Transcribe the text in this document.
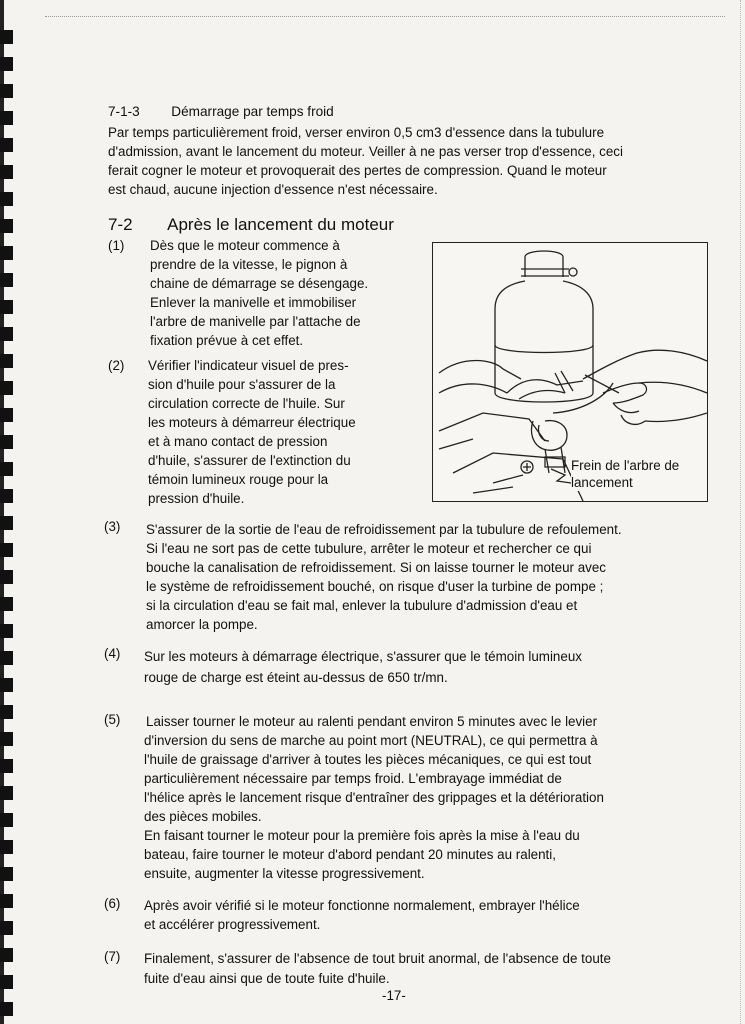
7-1-3 Démarrage par temps froid
Par temps particulièrement froid, verser environ 0,5 cm3 d'essence dans la tubulure
d'admission, avant le lancement du moteur. Veiller à ne pas verser trop d'essence, ceci
ferait cogner le moteur et provoquerait des pertes de compression. Quand le moteur
est chaud, aucune injection d'essence n'est nécessaire.
7-2 Après le lancement du moteur
(1) Dès que le moteur commence à
prendre de la vitesse, le pignon à
chaine de démarrage se désengage.
Enlever la manivelle et immobiliser
l'arbre de manivelle par l'attache de
fixation prévue à cet effet.
(2) Vérifier l'indicateur visuel de pres-
sion d'huile pour s'assurer de la
circulation correcte de l'huile. Sur
les moteurs à démarreur électrique
et à mano contact de pression
d'huile, s'assurer de l'extinction du
témoin lumineux rouge pour la
pression d'huile.
Frein de l'arbre de
lancement
(3) S'assurer de la sortie de l'eau de refroidissement par la tubulure de refoulement.
Si l'eau ne sort pas de cette tubulure, arrêter le moteur et rechercher ce qui
bouche la canalisation de refroidissement. Si on laisse tourner le moteur avec
le système de refroidissement bouché, on risque d'user la turbine de pompe ;
si la circulation d'eau se fait mal, enlever la tubulure d'admission d'eau et
amorcer la pompe.
(4) Sur les moteurs à démarrage électrique, s'assurer que le témoin lumineux
rouge de charge est éteint au-dessus de 650 tr/mn.
(5) Laisser tourner le moteur au ralenti pendant environ 5 minutes avec le levier
d'inversion du sens de marche au point mort (NEUTRAL), ce qui permettra à
l'huile de graissage d'arriver à toutes les pièces mécaniques, ce qui est tout
particulièrement nécessaire par temps froid. L'embrayage immédiat de
l'hélice après le lancement risque d'entraîner des grippages et la détérioration
des pièces mobiles.
En faisant tourner le moteur pour la première fois après la mise à l'eau du
bateau, faire tourner le moteur d'abord pendant 20 minutes au ralenti,
ensuite, augmenter la vitesse progressivement.
(6) Après avoir vérifié si le moteur fonctionne normalement, embrayer l'hélice
et accélérer progressivement.
(7) Finalement, s'assurer de l'absence de tout bruit anormal, de l'absence de toute
fuite d'eau ainsi que de toute fuite d'huile.
-17-
